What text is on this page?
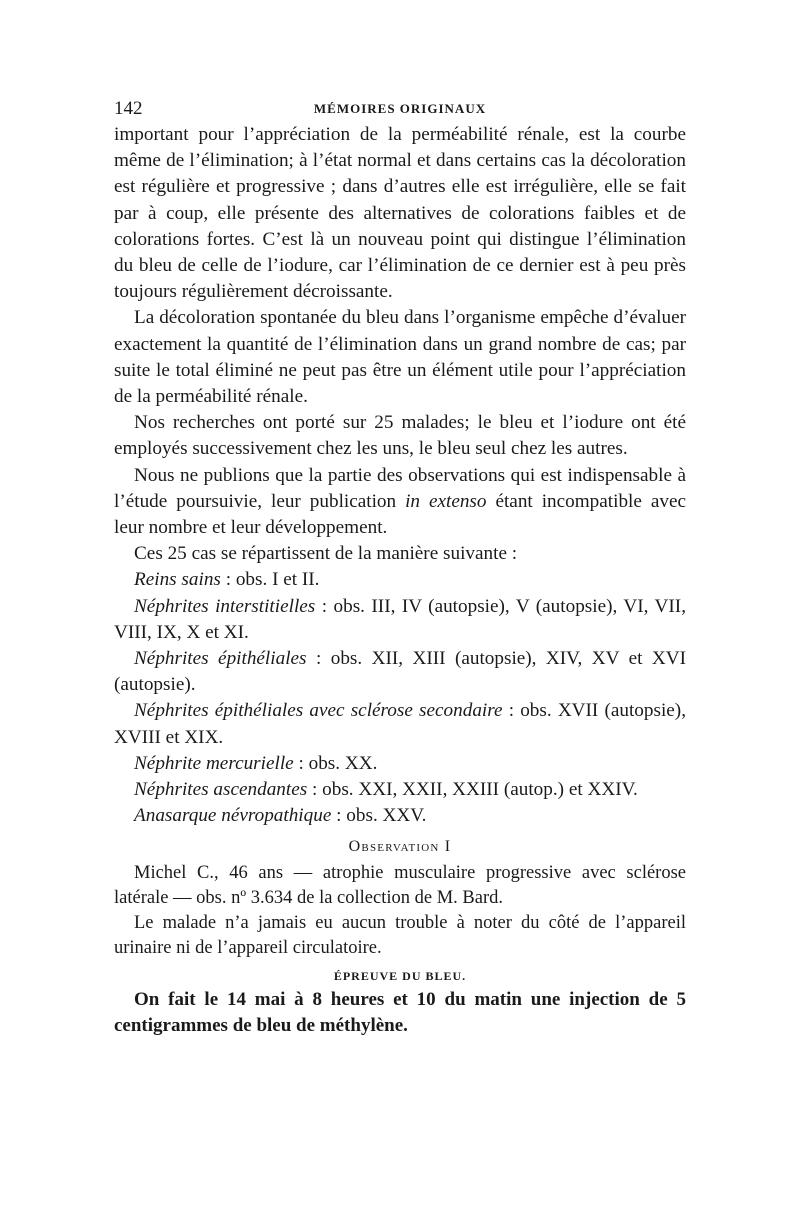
142	MÉMOIRES ORIGINAUX

important pour l’appréciation de la perméabilité rénale, est la courbe même de l’élimination; à l’état normal et dans certains cas la décoloration est régulière et progressive ; dans d’autres elle est irrégulière, elle se fait par à coup, elle présente des alternatives de colorations faibles et de colorations fortes. C’est là un nouveau point qui distingue l’élimination du bleu de celle de l’iodure, car l’élimination de ce dernier est à peu près toujours régulièrement décroissante.

La décoloration spontanée du bleu dans l’organisme empêche d’évaluer exactement la quantité de l’élimination dans un grand nombre de cas; par suite le total éliminé ne peut pas être un élément utile pour l’appréciation de la perméabilité rénale.

Nos recherches ont porté sur 25 malades; le bleu et l’iodure ont été employés successivement chez les uns, le bleu seul chez les autres.

Nous ne publions que la partie des observations qui est indispensable à l’étude poursuivie, leur publication in extenso étant incompatible avec leur nombre et leur développement.

Ces 25 cas se répartissent de la manière suivante :

Reins sains : obs. I et II.

Néphrites interstitielles : obs. III, IV (autopsie), V (autopsie), VI, VII, VIII, IX, X et XI.

Néphrites épithéliales : obs. XII, XIII (autopsie), XIV, XV et XVI (autopsie).

Néphrites épithéliales avec sclérose secondaire : obs. XVII (autopsie), XVIII et XIX.

Néphrite mercurielle : obs. XX.

Néphrites ascendantes : obs. XXI, XXII, XXIII (autop.) et XXIV.

Anasarque névropathique : obs. XXV.

Observation I

Michel C., 46 ans — atrophie musculaire progressive avec sclérose latérale — obs. nº 3.634 de la collection de M. Bard.

Le malade n’a jamais eu aucun trouble à noter du côté de l’appareil urinaire ni de l’appareil circulatoire.

ÉPREUVE DU BLEU.

On fait le 14 mai à 8 heures et 10 du matin une injection de 5 centigrammes de bleu de méthylène.
